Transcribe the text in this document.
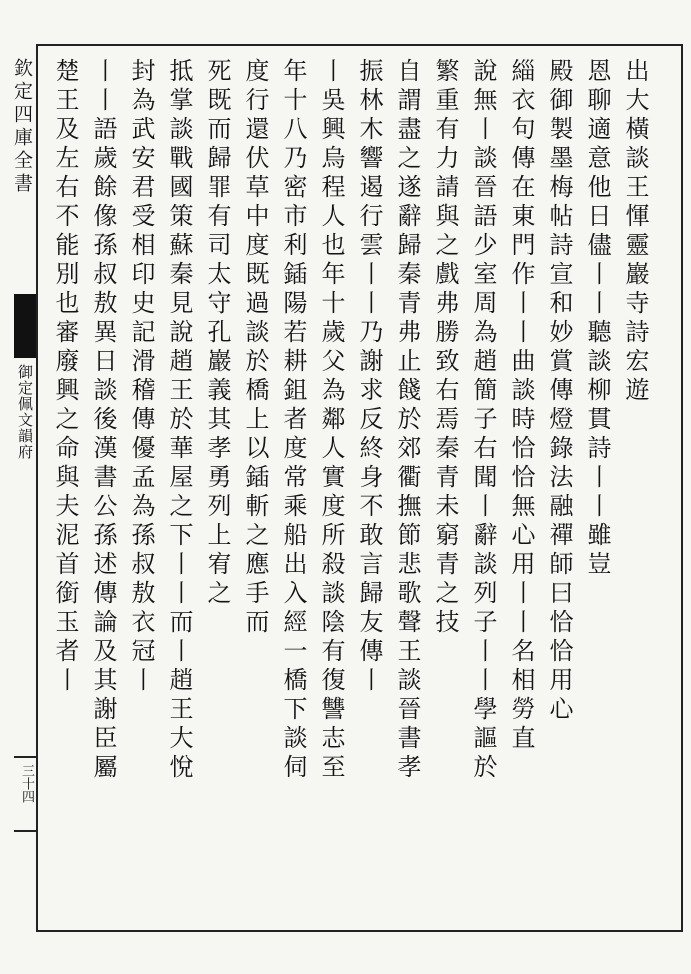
欽定四庫全書
御定佩文韻府
三十四
出大橫談王惲靈巖寺詩宏遊
恩聊適意他日儘丨丨聽談柳貫詩丨丨雖豈
殿御製墨梅帖詩宣和妙賞傳燈錄法融禪師曰恰恰用心
緇衣句傳在東門作丨丨曲談時恰恰無心用丨丨名相勞直
說無丨談晉語少室周為趙簡子右聞丨辭談列子丨丨學謳於
繁重有力請與之戲弗勝致右焉秦青未窮青之技
自謂盡之遂辭歸秦青弗止餞於郊衢撫節悲歌聲王談晉書孝
振林木響遏行雲丨丨乃謝求反終身不敢言歸友傳丨
丨吳興烏程人也年十歲父為鄰人實度所殺談陰有復讐志至
年十八乃密市利鍤陽若耕鉏者度常乘船出入經一橋下談伺
度行還伏草中度既過談於橋上以鍤斬之應手而
死既而歸罪有司太守孔巖義其孝勇列上宥之
抵掌談戰國策蘇秦見說趙王於華屋之下丨丨而丨趙王大悅
封為武安君受相印史記滑稽傳優孟為孫叔敖衣冠丨
丨丨語歲餘像孫叔敖異日談後漢書公孫述傳論及其謝臣屬
楚王及左右不能別也審廢興之命與夫泥首銜玉者丨
